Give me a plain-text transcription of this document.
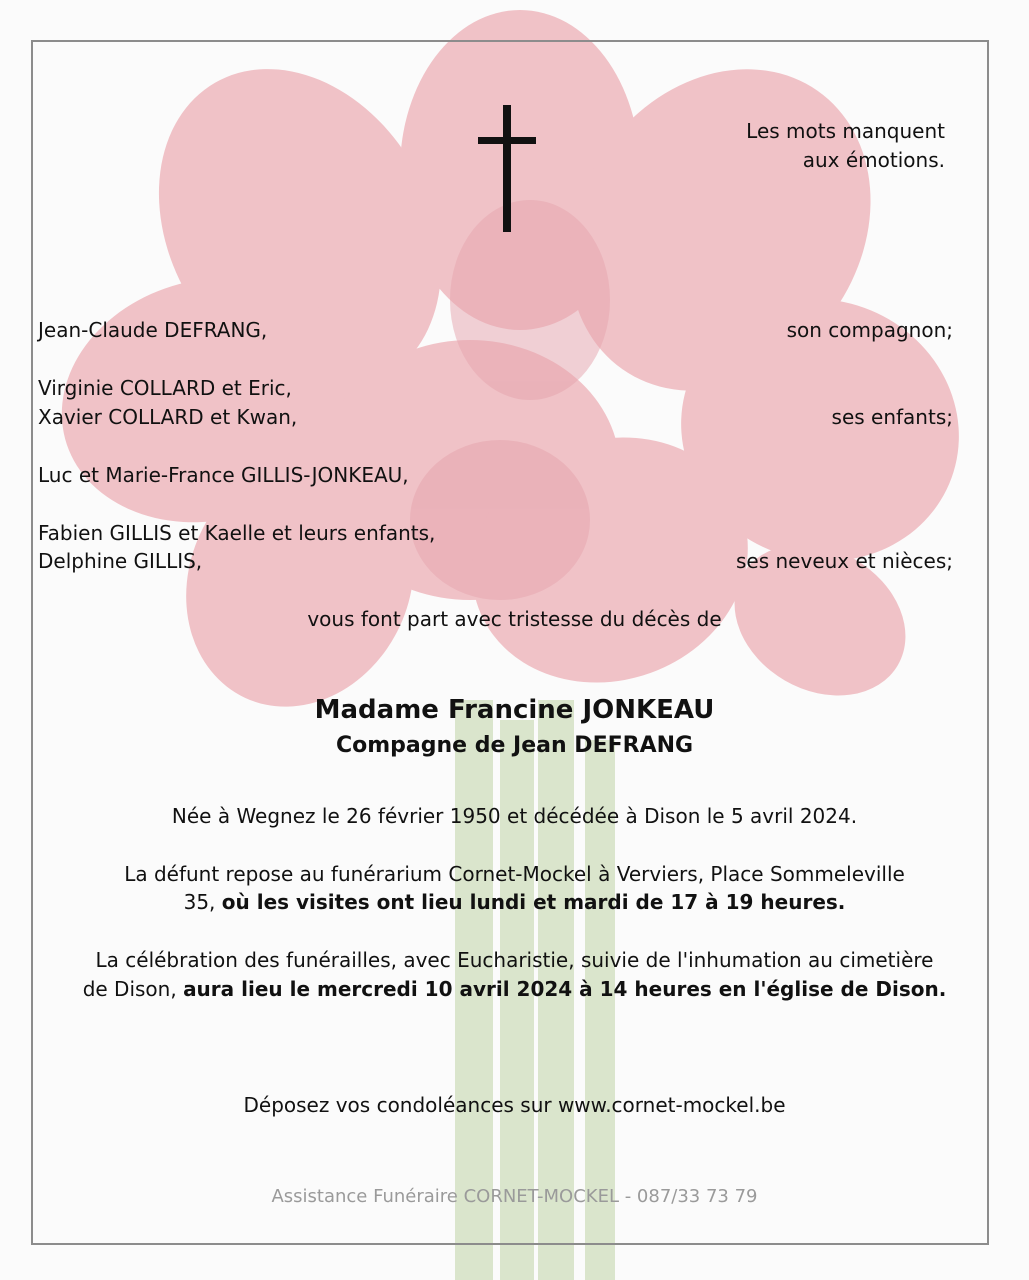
Les mots manquent
aux émotions.
Jean-Claude DEFRANG,	son compagnon;
Virginie COLLARD et Eric,
Xavier COLLARD et Kwan,	ses enfants;
Luc et Marie-France GILLIS-JONKEAU,
Fabien GILLIS et Kaelle et leurs enfants,
Delphine GILLIS,	ses neveux et nièces;
vous font part avec tristesse du décès de
Madame Francine JONKEAU
Compagne de Jean DEFRANG
Née à Wegnez le 26 février 1950 et décédée à Dison le 5 avril 2024.
La défunt repose au funérarium Cornet-Mockel à Verviers, Place Sommeleville
35, où les visites ont lieu lundi et mardi de 17 à 19 heures.
La célébration des funérailles, avec Eucharistie, suivie de l'inhumation au cimetière
de Dison, aura lieu le mercredi 10 avril 2024 à 14 heures en l'église de Dison.
Déposez vos condoléances sur www.cornet-mockel.be
Assistance Funéraire CORNET-MOCKEL - 087/33 73 79
